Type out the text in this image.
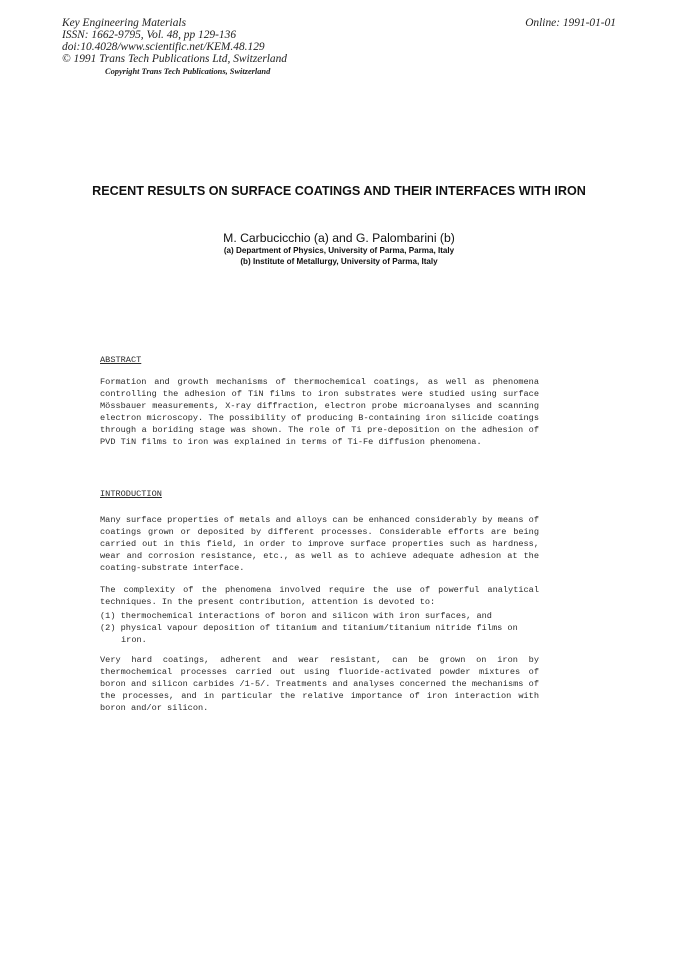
Key Engineering Materials
ISSN: 1662-9795, Vol. 48, pp 129-136
doi:10.4028/www.scientific.net/KEM.48.129
© 1991 Trans Tech Publications Ltd, Switzerland
Online: 1991-01-01
Copyright Trans Tech Publications, Switzerland
RECENT RESULTS ON SURFACE COATINGS AND THEIR INTERFACES WITH IRON
M. Carbucicchio (a) and G. Palombarini (b)
(a) Department of Physics, University of Parma, Parma, Italy
(b) Institute of Metallurgy, University of Parma, Italy
ABSTRACT
Formation and growth mechanisms of thermochemical coatings, as well as phenomena controlling the adhesion of TiN films to iron substrates were studied using surface Mössbauer measurements, X-ray diffraction, electron probe microanalyses and scanning electron microscopy. The possibility of producing B-containing iron silicide coatings through a boriding stage was shown. The role of Ti pre-deposition on the adhesion of PVD TiN films to iron was explained in terms of Ti-Fe diffusion phenomena.
INTRODUCTION
Many surface properties of metals and alloys can be enhanced considerably by means of coatings grown or deposited by different processes. Considerable efforts are being carried out in this field, in order to improve surface properties such as hardness, wear and corrosion resistance, etc., as well as to achieve adequate adhesion at the coating-substrate interface.
The complexity of the phenomena involved require the use of powerful analytical techniques. In the present contribution, attention is devoted to:
(1) thermochemical interactions of boron and silicon with iron surfaces, and
(2) physical vapour deposition of titanium and titanium/titanium nitride films on iron.
Very hard coatings, adherent and wear resistant, can be grown on iron by thermochemical processes carried out using fluoride-activated powder mixtures of boron and silicon carbides /1-5/. Treatments and analyses concerned the mechanisms of the processes, and in particular the relative importance of iron interaction with boron and/or silicon.
